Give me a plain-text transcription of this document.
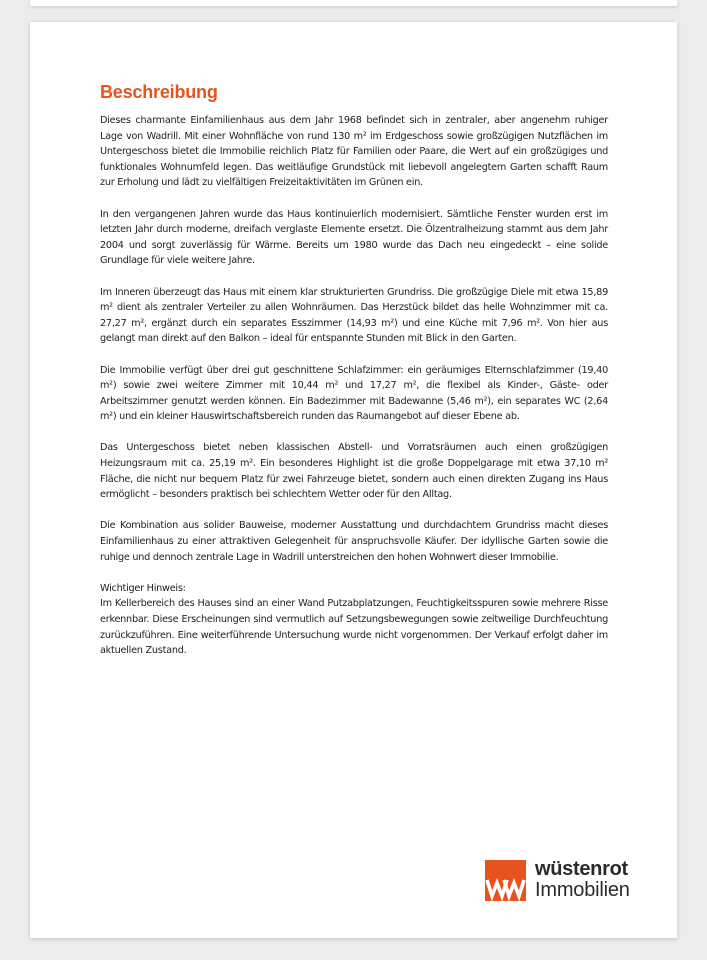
Beschreibung

Dieses charmante Einfamilienhaus aus dem Jahr 1968 befindet sich in zentraler, aber angenehm ruhiger Lage von Wadrill. Mit einer Wohnfläche von rund 130 m² im Erdgeschoss sowie großzügigen Nutzflächen im Untergeschoss bietet die Immobilie reichlich Platz für Familien oder Paare, die Wert auf ein großzügiges und funktionales Wohnumfeld legen. Das weitläufige Grundstück mit liebevoll angelegtem Garten schafft Raum zur Erholung und lädt zu vielfältigen Freizeitaktivitäten im Grünen ein.

In den vergangenen Jahren wurde das Haus kontinuierlich modernisiert. Sämtliche Fenster wurden erst im letzten Jahr durch moderne, dreifach verglaste Elemente ersetzt. Die Ölzentralheizung stammt aus dem Jahr 2004 und sorgt zuverlässig für Wärme. Bereits um 1980 wurde das Dach neu eingedeckt – eine solide Grundlage für viele weitere Jahre.

Im Inneren überzeugt das Haus mit einem klar strukturierten Grundriss. Die großzügige Diele mit etwa 15,89 m² dient als zentraler Verteiler zu allen Wohnräumen. Das Herzstück bildet das helle Wohnzimmer mit ca. 27,27 m², ergänzt durch ein separates Esszimmer (14,93 m²) und eine Küche mit 7,96 m². Von hier aus gelangt man direkt auf den Balkon – ideal für entspannte Stunden mit Blick in den Garten.

Die Immobilie verfügt über drei gut geschnittene Schlafzimmer: ein geräumiges Elternschlafzimmer (19,40 m²) sowie zwei weitere Zimmer mit 10,44 m² und 17,27 m², die flexibel als Kinder-, Gäste- oder Arbeitszimmer genutzt werden können. Ein Badezimmer mit Badewanne (5,46 m²), ein separates WC (2,64 m²) und ein kleiner Hauswirtschaftsbereich runden das Raumangebot auf dieser Ebene ab.

Das Untergeschoss bietet neben klassischen Abstell- und Vorratsräumen auch einen großzügigen Heizungsraum mit ca. 25,19 m². Ein besonderes Highlight ist die große Doppelgarage mit etwa 37,10 m² Fläche, die nicht nur bequem Platz für zwei Fahrzeuge bietet, sondern auch einen direkten Zugang ins Haus ermöglicht – besonders praktisch bei schlechtem Wetter oder für den Alltag.

Die Kombination aus solider Bauweise, moderner Ausstattung und durchdachtem Grundriss macht dieses Einfamilienhaus zu einer attraktiven Gelegenheit für anspruchsvolle Käufer. Der idyllische Garten sowie die ruhige und dennoch zentrale Lage in Wadrill unterstreichen den hohen Wohnwert dieser Immobilie.

Wichtiger Hinweis:

Im Kellerbereich des Hauses sind an einer Wand Putzabplatzungen, Feuchtigkeitsspuren sowie mehrere Risse erkennbar. Diese Erscheinungen sind vermutlich auf Setzungsbewegungen sowie zeitweilige Durchfeuchtung zurückzuführen. Eine weiterführende Untersuchung wurde nicht vorgenommen. Der Verkauf erfolgt daher im aktuellen Zustand.

wüstenrot
Immobilien
